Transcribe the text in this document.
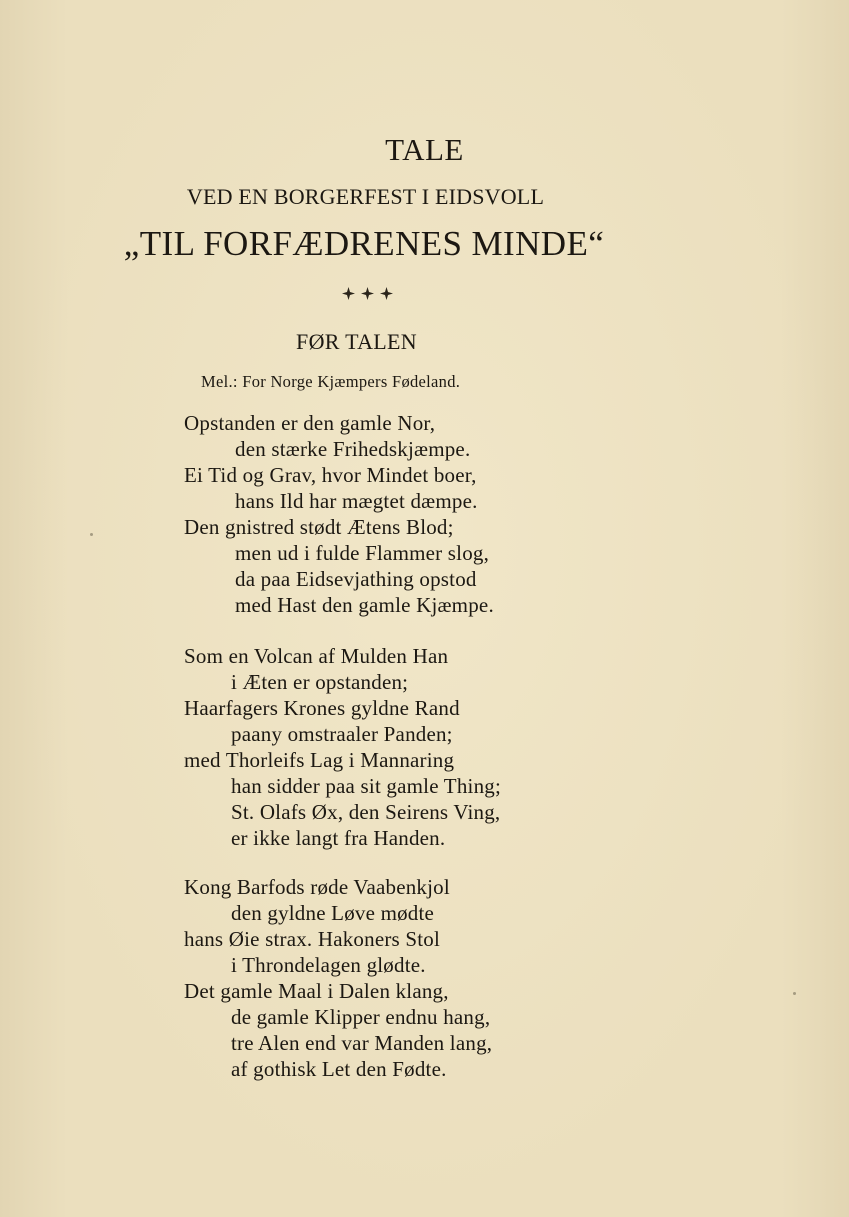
TALE
VED EN BORGERFEST I EIDSVOLL
„TIL FORFÆDRENES MINDE“
FØR TALEN
Mel.: For Norge Kjæmpers Fødeland.
Opstanden er den gamle Nor,
den stærke Frihedskjæmpe.
Ei Tid og Grav, hvor Mindet boer,
hans Ild har mægtet dæmpe.
Den gnistred stødt Ætens Blod;
men ud i fulde Flammer slog,
da paa Eidsevjathing opstod
med Hast den gamle Kjæmpe.
Som en Volcan af Mulden Han
i Æten er opstanden;
Haarfagers Krones gyldne Rand
paany omstraaler Panden;
med Thorleifs Lag i Mannaring
han sidder paa sit gamle Thing;
St. Olafs Øx, den Seirens Ving,
er ikke langt fra Handen.
Kong Barfods røde Vaabenkjol
den gyldne Løve mødte
hans Øie strax. Hakoners Stol
i Throndelagen glødte.
Det gamle Maal i Dalen klang,
de gamle Klipper endnu hang,
tre Alen end var Manden lang,
af gothisk Let den Fødte.
